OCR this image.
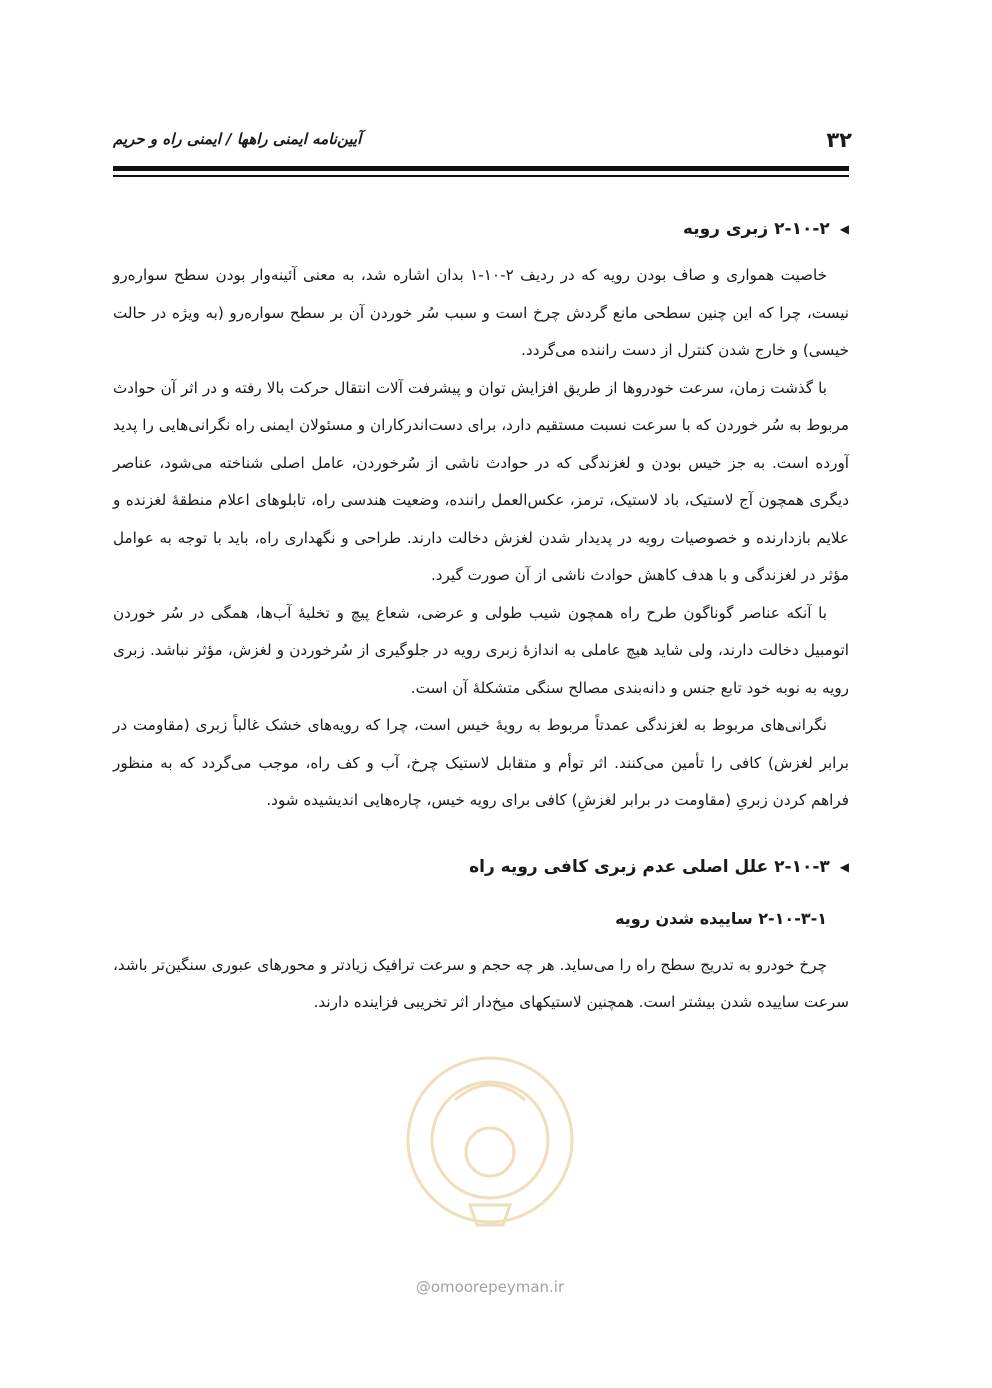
۳۲
آیین‌نامه ایمنی راهها / ایمنی راه و حریم
◀
۲-۱۰-۲ زبری رویه

خاصیت همواری و صاف بودن رویه که در ردیف ۲-۱۰-۱ بدان اشاره شد، به معنی آئینه‌وار بودن سطح سواره‌رو نیست، چرا که این چنین سطحی مانع گردش چرخ است و سبب سُر خوردن آن بر سطح سواره‌رو (به ویژه در حالت خیسی) و خارج شدن کنترل از دست راننده می‌گردد.

با گذشت زمان، سرعت خودروها از طریق افزایش توان و پیشرفت آلات انتقال حرکت بالا رفته و در اثر آن حوادث مربوط به سُر خوردن که با سرعت نسبت مستقیم دارد، برای دست‌اندرکاران و مسئولان ایمنی راه نگرانی‌هایی را پدید آورده است. به جز خیس بودن و لغزندگی که در حوادث ناشی از سُرخوردن، عامل اصلی شناخته می‌شود، عناصر دیگری همچون آج لاستیک، باد لاستیک، ترمز، عکس‌العمل راننده، وضعیت هندسی راه، تابلوهای اعلام منطقهٔ لغزنده و علایم بازدارنده و خصوصیات رویه در پدیدار شدن لغزش دخالت دارند. طراحی و نگهداری راه، باید با توجه به عوامل مؤثر در لغزندگی و با هدف کاهش حوادث ناشی از آن صورت گیرد.

با آنکه عناصر گوناگون طرح راه همچون شیب طولی و عرضی، شعاع پیچ و تخلیهٔ آب‌ها، همگی در سُر خوردن اتومبیل دخالت دارند، ولی شاید هیچ عاملی به اندازهٔ زبری رویه در جلوگیری از سُرخوردن و لغزش، مؤثر نباشد. زبری رویه به نوبه خود تابع جنس و دانه‌بندی مصالح سنگی متشکلهٔ آن است.

نگرانی‌های مربوط به لغزندگی عمدتاً مربوط به رویهٔ خیس است، چرا که رویه‌های خشک غالباً زبری (مقاومت در برابر لغزش) کافی را تأمین می‌کنند. اثر توأم و متقابل لاستیک چرخ، آب و کف راه، موجب می‌گردد که به منظور فراهم کردن زبریِ (مقاومت در برابر لغزشِ) کافی برای رویه خیس، چاره‌هایی اندیشیده شود.

◀
۲-۱۰-۳ علل اصلی عدم زبری کافی رویه راه

۲-۱۰-۳-۱ ساییده شدن رویه

چرخ خودرو به تدریج سطح راه را می‌ساید. هر چه حجم و سرعت ترافیک زیادتر و محورهای عبوری سنگین‌تر باشد، سرعت ساییده شدن بیشتر است. همچنین لاستیکهای میخ‌دار اثر تخریبی فزاینده دارند.

@omoorepeyman.ir
